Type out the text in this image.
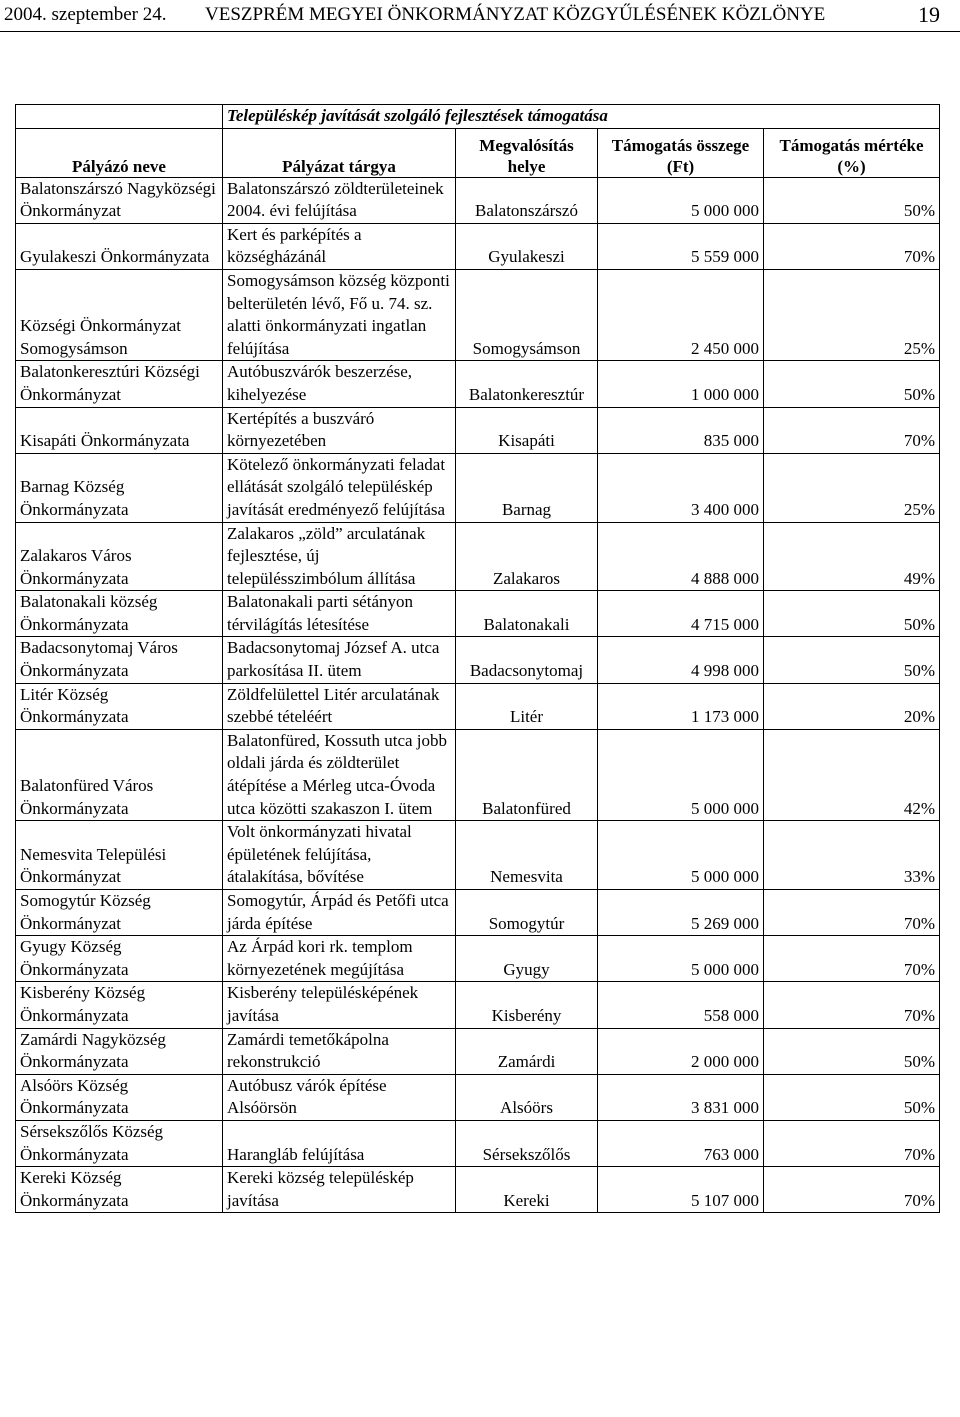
2004. szeptember 24. VESZPRÉM MEGYEI ÖNKORMÁNYZAT KÖZGYŰLÉSÉNEK KÖZLÖNYE	19
	Településkép javítását szolgáló fejlesztések támogatása			
Pályázó neve	Pályázat tárgya	Megvalósítás helye	Támogatás összege (Ft)	Támogatás mértéke (%)
Balatonszárszó Nagyközségi Önkormányzat	Balatonszárszó zöldterületeinek 2004. évi felújítása	Balatonszárszó	5 000 000	50%
Gyulakeszi Önkormányzata	Kert és parképítés a községházánál	Gyulakeszi	5 559 000	70%
Községi Önkormányzat Somogysámson	Somogysámson község központi belterületén lévő, Fő u. 74. sz. alatti önkormányzati ingatlan felújítása	Somogysámson	2 450 000	25%
Balatonkeresztúri Községi Önkormányzat	Autóbuszvárók beszerzése, kihelyezése	Balatonkeresztúr	1 000 000	50%
Kisapáti Önkormányzata	Kertépítés a buszváró környezetében	Kisapáti	835 000	70%
Barnag Község Önkormányzata	Kötelező önkormányzati feladat ellátását szolgáló településkép javítását eredményező felújítása	Barnag	3 400 000	25%
Zalakaros Város Önkormányzata	Zalakaros „zöld” arculatának fejlesztése, új településszimbólum állítása	Zalakaros	4 888 000	49%
Balatonakali község Önkormányzata	Balatonakali parti sétányon térvilágítás létesítése	Balatonakali	4 715 000	50%
Badacsonytomaj Város Önkormányzata	Badacsonytomaj József A. utca parkosítása II. ütem	Badacsonytomaj	4 998 000	50%
Litér Község Önkormányzata	Zöldfelülettel Litér arculatának szebbé tételéért	Litér	1 173 000	20%
Balatonfüred Város Önkormányzata	Balatonfüred, Kossuth utca jobb oldali járda és zöldterület átépítése a Mérleg utca-Óvoda utca közötti szakaszon I. ütem	Balatonfüred	5 000 000	42%
Nemesvita Települési Önkormányzat	Volt önkormányzati hivatal épületének felújítása, átalakítása, bővítése	Nemesvita	5 000 000	33%
Somogytúr Község Önkormányzat	Somogytúr, Árpád és Petőfi utca járda építése	Somogytúr	5 269 000	70%
Gyugy Község Önkormányzata	Az Árpád kori rk. templom környezetének megújítása	Gyugy	5 000 000	70%
Kisberény Község Önkormányzata	Kisberény településképének javítása	Kisberény	558 000	70%
Zamárdi Nagyközség Önkormányzata	Zamárdi temetőkápolna rekonstrukció	Zamárdi	2 000 000	50%
Alsóörs Község Önkormányzata	Autóbusz várók építése Alsóörsön	Alsóörs	3 831 000	50%
Sérsekszőlős Község Önkormányzata	Harangláb felújítása	Sérsekszőlős	763 000	70%
Kereki Község Önkormányzata	Kereki község településkép javítása	Kereki	5 107 000	70%
